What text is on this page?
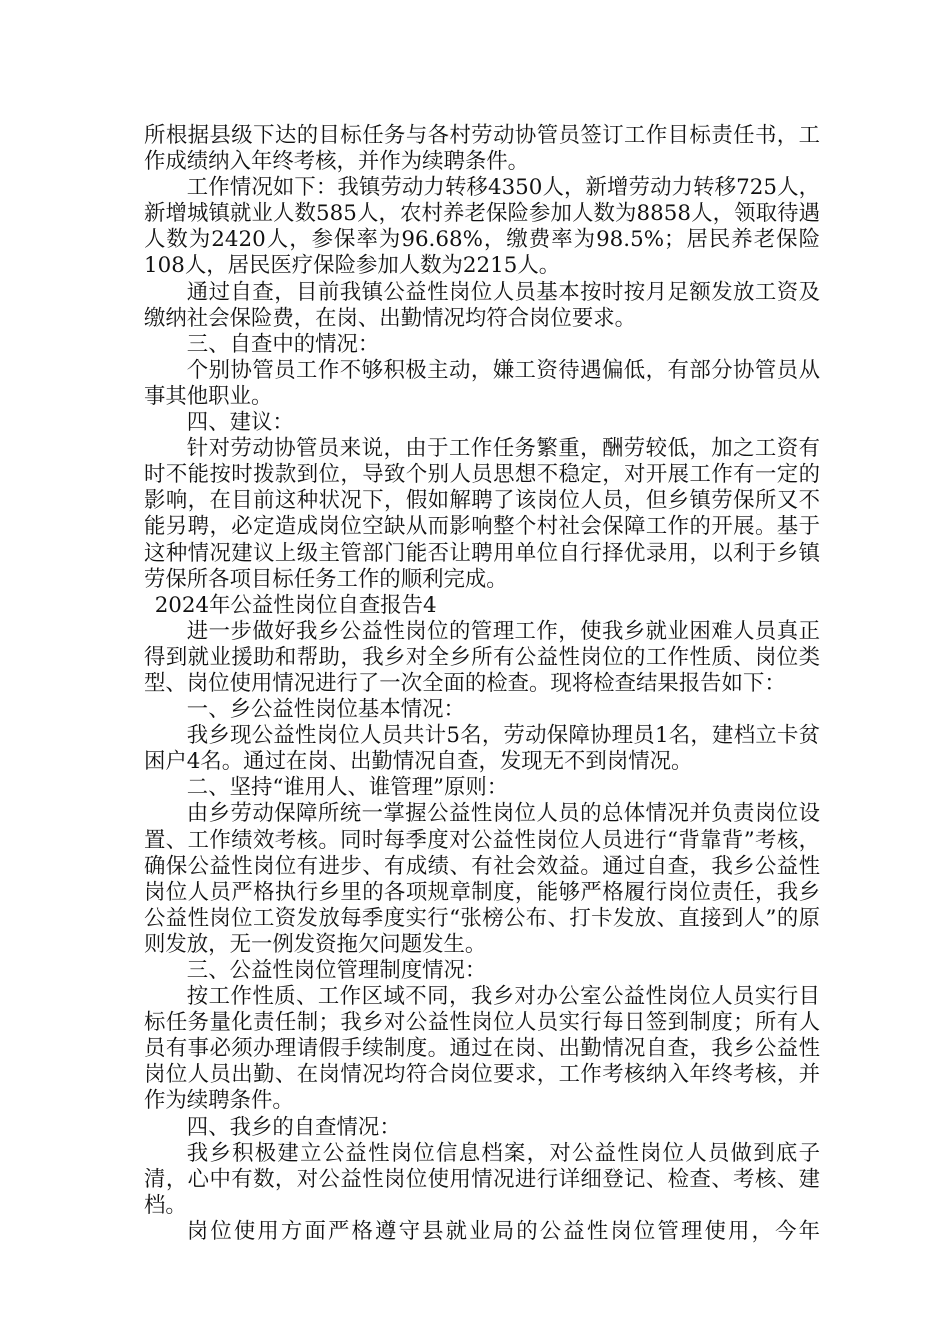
所根据县级下达的目标任务与各村劳动协管员签订工作目标责任书，工作成绩纳入年终考核，并作为续聘条件。

工作情况如下：我镇劳动力转移4350人，新增劳动力转移725人，新增城镇就业人数585人，农村养老保险参加人数为8858人，领取待遇人数为2420人，参保率为96.68%，缴费率为98.5%；居民养老保险108人，居民医疗保险参加人数为2215人。

通过自查，目前我镇公益性岗位人员基本按时按月足额发放工资及缴纳社会保险费，在岗、出勤情况均符合岗位要求。

三、自查中的情况：

个别协管员工作不够积极主动，嫌工资待遇偏低，有部分协管员从事其他职业。

四、建议：

针对劳动协管员来说，由于工作任务繁重，酬劳较低，加之工资有时不能按时拨款到位，导致个别人员思想不稳定，对开展工作有一定的影响，在目前这种状况下，假如解聘了该岗位人员，但乡镇劳保所又不能另聘，必定造成岗位空缺从而影响整个村社会保障工作的开展。基于这种情况建议上级主管部门能否让聘用单位自行择优录用，以利于乡镇劳保所各项目标任务工作的顺利完成。

2024年公益性岗位自查报告4

进一步做好我乡公益性岗位的管理工作，使我乡就业困难人员真正得到就业援助和帮助，我乡对全乡所有公益性岗位的工作性质、岗位类型、岗位使用情况进行了一次全面的检查。现将检查结果报告如下：

一、乡公益性岗位基本情况：

我乡现公益性岗位人员共计5名，劳动保障协理员1名，建档立卡贫困户4名。通过在岗、出勤情况自查，发现无不到岗情况。

二、坚持“谁用人、谁管理”原则：

由乡劳动保障所统一掌握公益性岗位人员的总体情况并负责岗位设置、工作绩效考核。同时每季度对公益性岗位人员进行“背靠背”考核，确保公益性岗位有进步、有成绩、有社会效益。通过自查，我乡公益性岗位人员严格执行乡里的各项规章制度，能够严格履行岗位责任，我乡公益性岗位工资发放每季度实行“张榜公布、打卡发放、直接到人”的原则发放，无一例发资拖欠问题发生。

三、公益性岗位管理制度情况：

按工作性质、工作区域不同，我乡对办公室公益性岗位人员实行目标任务量化责任制；我乡对公益性岗位人员实行每日签到制度；所有人员有事必须办理请假手续制度。通过在岗、出勤情况自查，我乡公益性岗位人员出勤、在岗情况均符合岗位要求，工作考核纳入年终考核，并作为续聘条件。

四、我乡的自查情况：

我乡积极建立公益性岗位信息档案，对公益性岗位人员做到底子清，心中有数，对公益性岗位使用情况进行详细登记、检查、考核、建档。

岗位使用方面严格遵守县就业局的公益性岗位管理使用，今年
